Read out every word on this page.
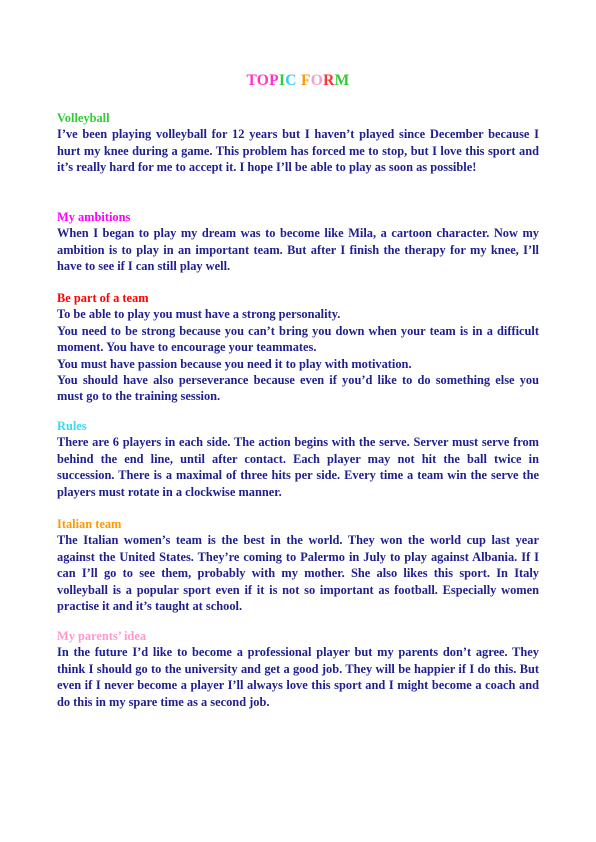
TOPIC FORM
Volleyball
I’ve been playing volleyball for 12 years but I haven’t played since December because I hurt my knee during a game. This problem has forced me to stop, but I love this sport and it’s really hard for me to accept it. I hope I’ll be able to play as soon as possible!
My ambitions
When I began to play my dream was to become like Mila, a cartoon character. Now my ambition is to play in an important team. But after I finish the therapy for my knee, I’ll have to see if I can still play well.
Be part of a team
To be able to play you must have a strong personality.
You need to be strong because you can’t bring you down when your team is in a difficult moment. You have to encourage your teammates.
You must have passion because you need it to play with motivation.
You should have also perseverance because even if you’d like to do something else you must go to the training session.
Rules
There are 6 players in each side. The action begins with the serve. Server must serve from behind the end line, until after contact. Each player may not hit the ball twice in succession. There is a maximal of three hits per side. Every time a team win the serve the players must rotate in a clockwise manner.
Italian team
The Italian women’s team is the best in the world. They won the world cup last year against the United States. They’re coming to Palermo in July to play against Albania. If I can I’ll go to see them, probably with my mother. She also likes this sport. In Italy volleyball is a popular sport even if it is not so important as football. Especially women practise it and it’s taught at school.
My parents’ idea
In the future I’d like to become a professional player but my parents don’t agree. They think I should go to the university and get a good job. They will be happier if I do this. But even if I never become a player I’ll always love this sport and I might become a coach and do this in my spare time as a second job.
